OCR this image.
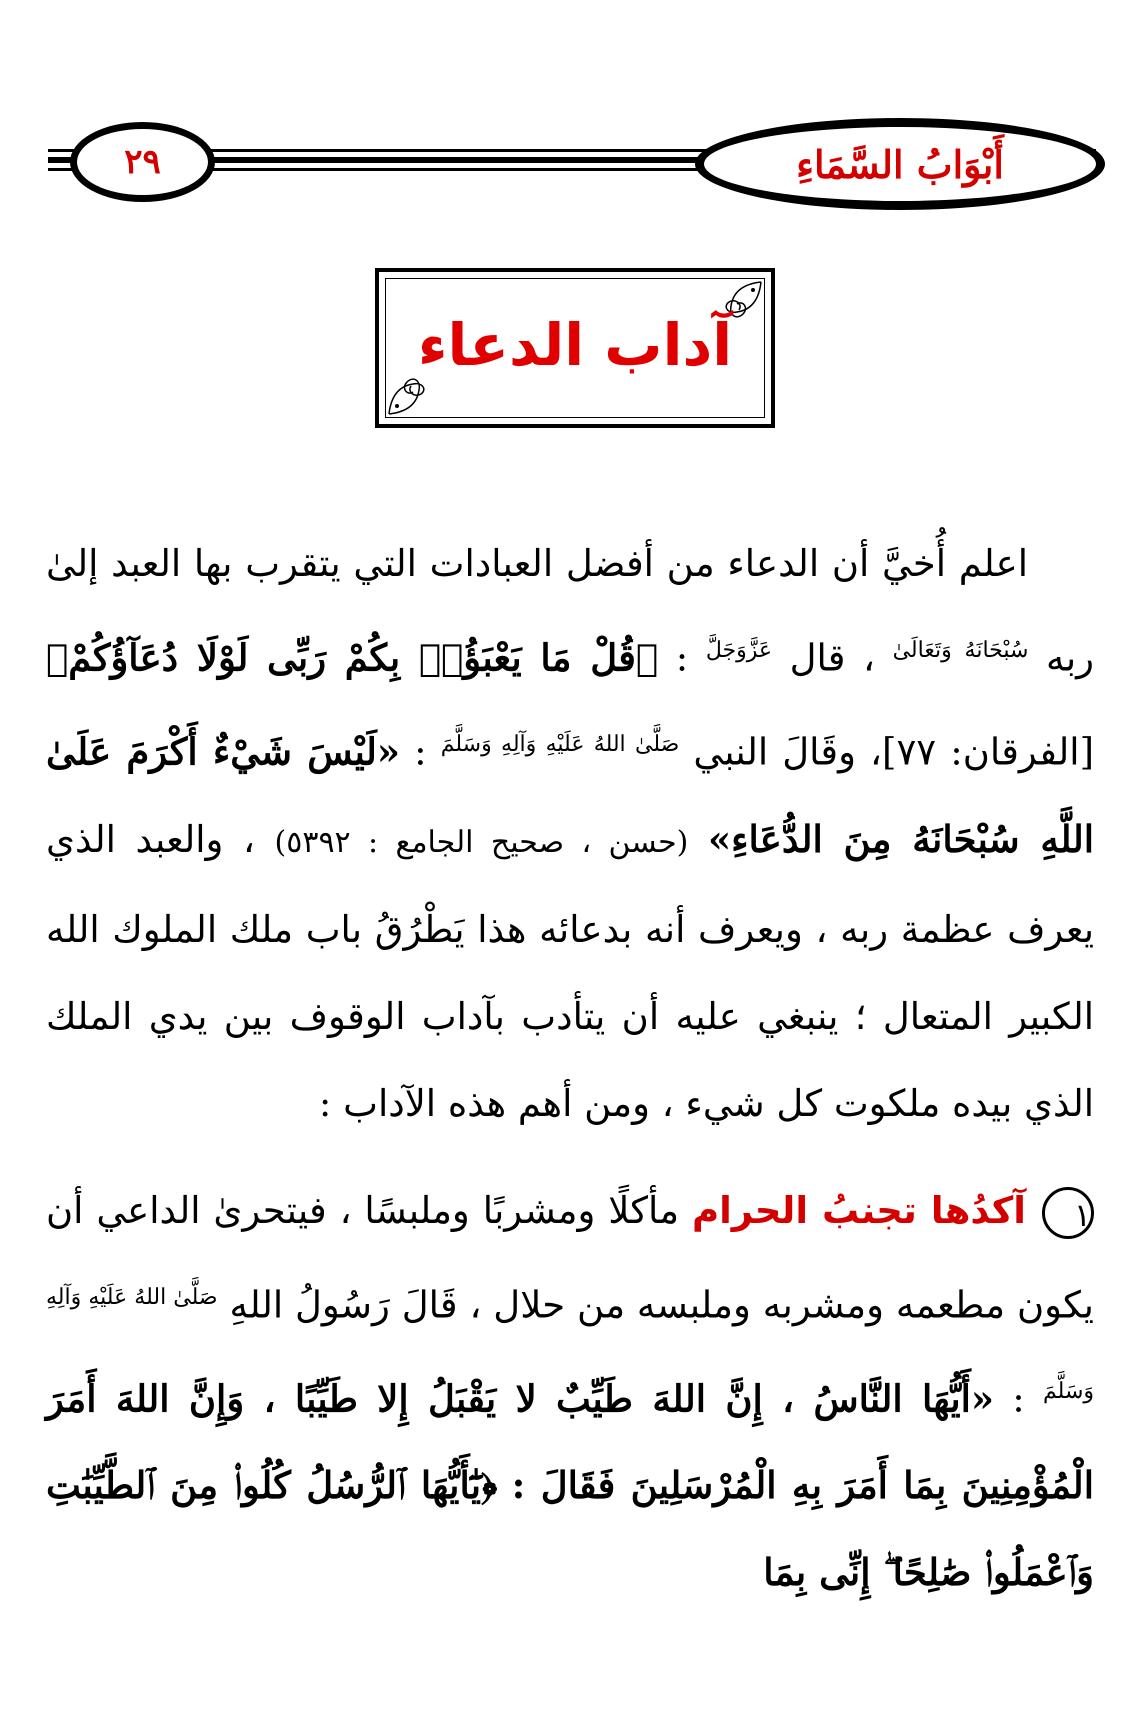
٢٩	أَبْوَابُ السَّمَاءِ
آداب الدعاء

اعلم أُخيَّ أن الدعاء من أفضل العبادات التي يتقرب بها العبد إلىٰ ربه $^{سُبْحَانَهُ وَتَعَالَىٰ}$ ، قال $^{عَزَّوَجَلَّ}$ : ﴿قُلْ مَا يَعْبَؤُا۟ بِكُمْ رَبِّى لَوْلَا دُعَآؤُكُمْ﴾ [الفرقان: ٧٧]، وقَالَ النبي $^{صَلَّىٰ اللهُ عَلَيْهِ وَآلِهِ وَسَلَّمَ}$ : «لَيْسَ شَيْءٌ أَكْرَمَ عَلَىٰ اللَّهِ سُبْحَانَهُ مِنَ الدُّعَاءِ» (حسن ، صحيح الجامع : ٥٣٩٢) ، والعبد الذي يعرف عظمة ربه ، ويعرف أنه بدعائه هذا يَطْرُقُ باب ملك الملوك الله الكبير المتعال ؛ ينبغي عليه أن يتأدب بآداب الوقوف بين يدي الملك الذي بيده ملكوت كل شيء ، ومن أهم هذه الآداب :

١آكدُها تجنبُ الحرام مأكلًا ومشربًا وملبسًا ، فيتحرىٰ الداعي أن يكون مطعمه ومشربه وملبسه من حلال ، قَالَ رَسُولُ اللهِ $^{صَلَّىٰ اللهُ عَلَيْهِ وَآلِهِ وَسَلَّمَ}$ : «أَيُّهَا النَّاسُ ، إِنَّ اللهَ طَيِّبٌ لا يَقْبَلُ إِلا طَيِّبًا ، وَإِنَّ اللهَ أَمَرَ الْمُؤْمِنِينَ بِمَا أَمَرَ بِهِ الْمُرْسَلِينَ فَقَالَ : ﴿يَٰٓأَيُّهَا ٱلرُّسُلُ كُلُوا۟ مِنَ ٱلطَّيِّبَٰتِ وَٱعْمَلُوا۟ صَٰلِحًا ۖ إِنِّى بِمَا
